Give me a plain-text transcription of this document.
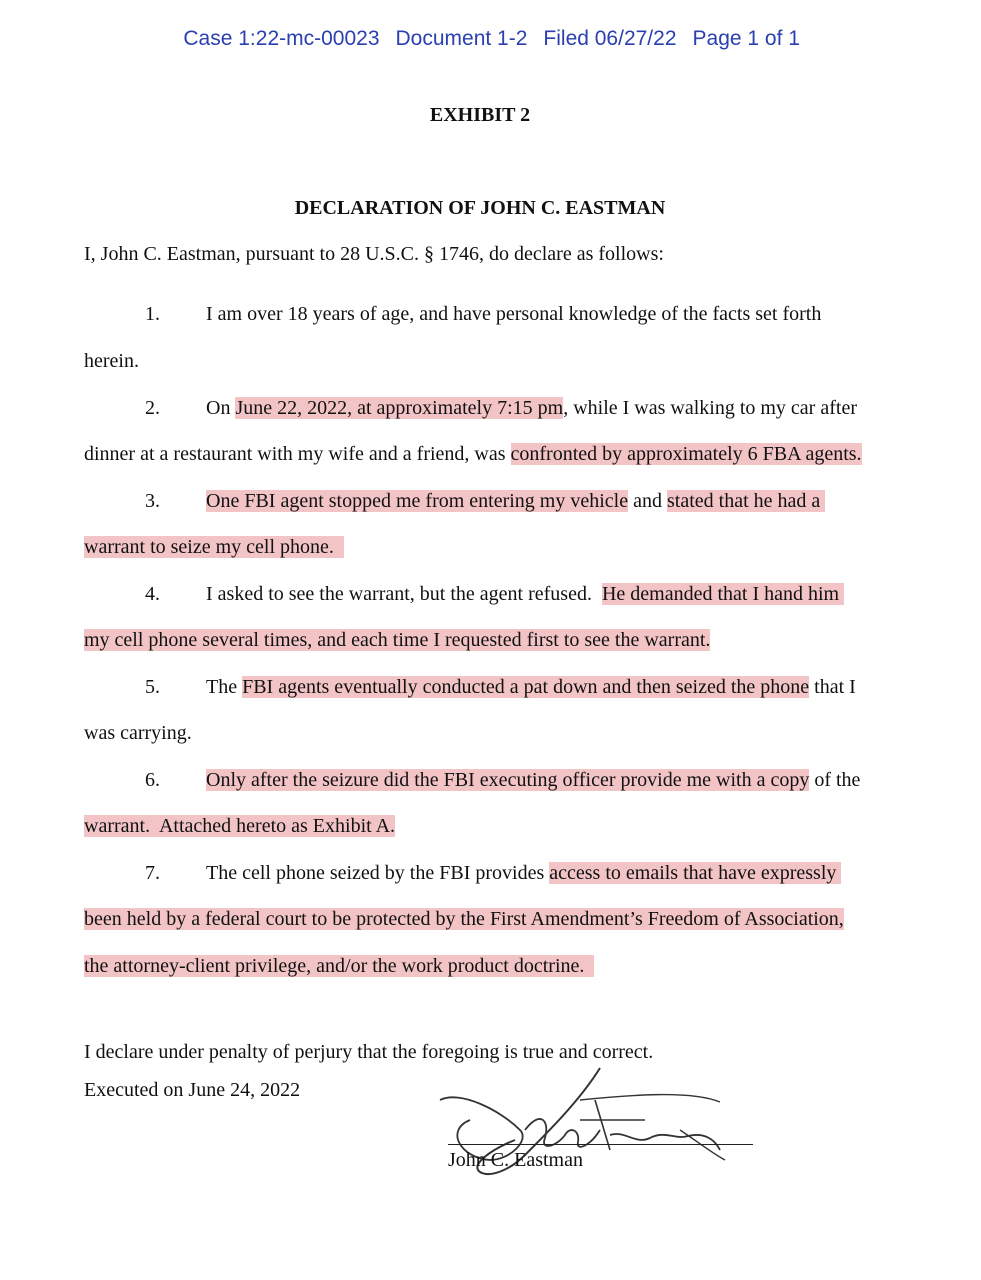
Case 1:22-mc-00023 Document 1-2 Filed 06/27/22 Page 1 of 1

EXHIBIT 2
DECLARATION OF JOHN C. EASTMAN
I, John C. Eastman, pursuant to 28 U.S.C. § 1746, do declare as follows:
1. I am over 18 years of age, and have personal knowledge of the facts set forth
herein.
2. On June 22, 2022, at approximately 7:15 pm, while I was walking to my car after
dinner at a restaurant with my wife and a friend, was confronted by approximately 6 FBA agents.
3. One FBI agent stopped me from entering my vehicle and stated that he had a
warrant to seize my cell phone.
4. I asked to see the warrant, but the agent refused.  He demanded that I hand him
my cell phone several times, and each time I requested first to see the warrant.
5. The FBI agents eventually conducted a pat down and then seized the phone that I
was carrying.
6. Only after the seizure did the FBI executing officer provide me with a copy of the
warrant.  Attached hereto as Exhibit A.
7. The cell phone seized by the FBI provides access to emails that have expressly
been held by a federal court to be protected by the First Amendment’s Freedom of Association,
the attorney-client privilege, and/or the work product doctrine.
I declare under penalty of perjury that the foregoing is true and correct.
Executed on June 24, 2022
John C. Eastman
